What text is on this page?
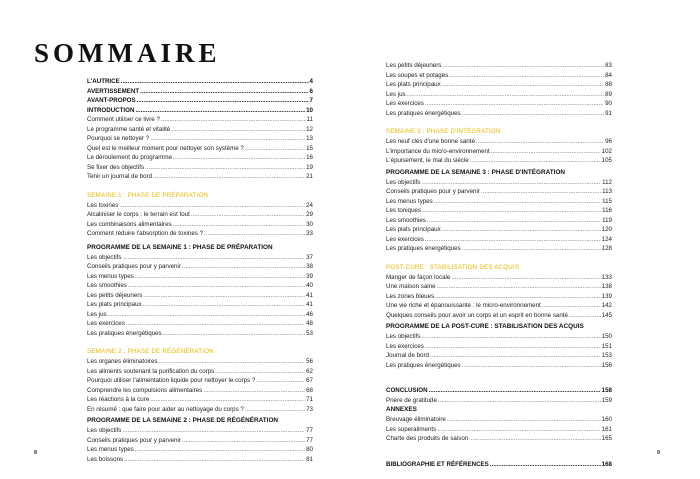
SOMMAIRE
L'AUTRICE .....	4
AVERTISSEMENT .....	6
AVANT-PROPOS .....	7
INTRODUCTION .....	10
Comment utiliser ce livre ? .....	11
Le programme santé et vitalité .....	12
Pourquoi se nettoyer ? .....	13
Quel est le meilleur moment pour nettoyer son système ? .....	15
Le déroulement du programme .....	16
Se fixer des objectifs .....	19
Tenir un journal de bord .....	21
SEMAINE 1 : PHASE DE PRÉPARATION
Les toxines .....	24
Alcaliniser le corps : le terrain est tout .....	29
Les combinaisons alimentaires .....	30
Comment réduire l'absorption de toxines ? .....	33
PROGRAMME DE LA SEMAINE 1 : PHASE DE PRÉPARATION
Les objectifs .....	37
Conseils pratiques pour y parvenir .....	38
Les menus types .....	39
Les smoothies .....	40
Les petits déjeuners .....	41
Les plats principaux .....	41
Les jus .....	46
Les exercices .....	48
Les pratiques énergétiques .....	53
SEMAINE 2 : PHASE DE RÉGÉNÉRATION
Les organes éliminatoires .....	56
Les aliments soutenant la purification du corps .....	62
Pourquoi utiliser l'alimentation liquide pour nettoyer le corps ? .....	67
Comprendre les compulsions alimentaires .....	68
Les réactions à la cure .....	71
En résumé : que faire pour aider au nettoyage du corps ? .....	73
PROGRAMME DE LA SEMAINE 2 : PHASE DE RÉGÉNÉRATION
Les objectifs .....	77
Conseils pratiques pour y parvenir .....	77
Les menus types .....	80
Les boissons .....	81
Les petits déjeuners .....	83
Les soupes et potages .....	84
Les plats principaux .....	88
Les jus .....	89
Les exercices .....	90
Les pratiques énergétiques .....	91
SEMAINE 3 : PHASE D'INTÉGRATION
Les neuf clés d'une bonne santé .....	96
L'importance du micro-environnement .....	102
L'épuisement, le mal du siècle .....	105
PROGRAMME DE LA SEMAINE 3 : PHASE D'INTÉGRATION
Les objectifs .....	112
Conseils pratiques pour y parvenir .....	113
Les menus types .....	115
Les toniques .....	116
Les smoothies .....	119
Les plats principaux .....	120
Les exercices .....	124
Les pratiques énergétiques .....	128
POST-CURE : STABILISATION DES ACQUIS
Manger de façon locale .....	133
Une maison saine .....	138
Les zones bleues .....	139
Une vie riche et épanouissante : le micro-environnement .....	142
Quelques conseils pour avoir un corps et un esprit en bonne santé .....	145
PROGRAMME DE LA POST-CURE : STABILISATION DES ACQUIS
Les objectifs .....	150
Les exercices .....	151
Journal de bord .....	153
Les pratiques énergétiques .....	156
CONCLUSION .....	158
Prière de gratitude .....	159
ANNEXES
Breuvage éliminatoire .....	160
Les superaliments .....	161
Charte des produits de saison .....	165
BIBLIOGRAPHIE ET RÉFÉRENCES .....	168
8	9
